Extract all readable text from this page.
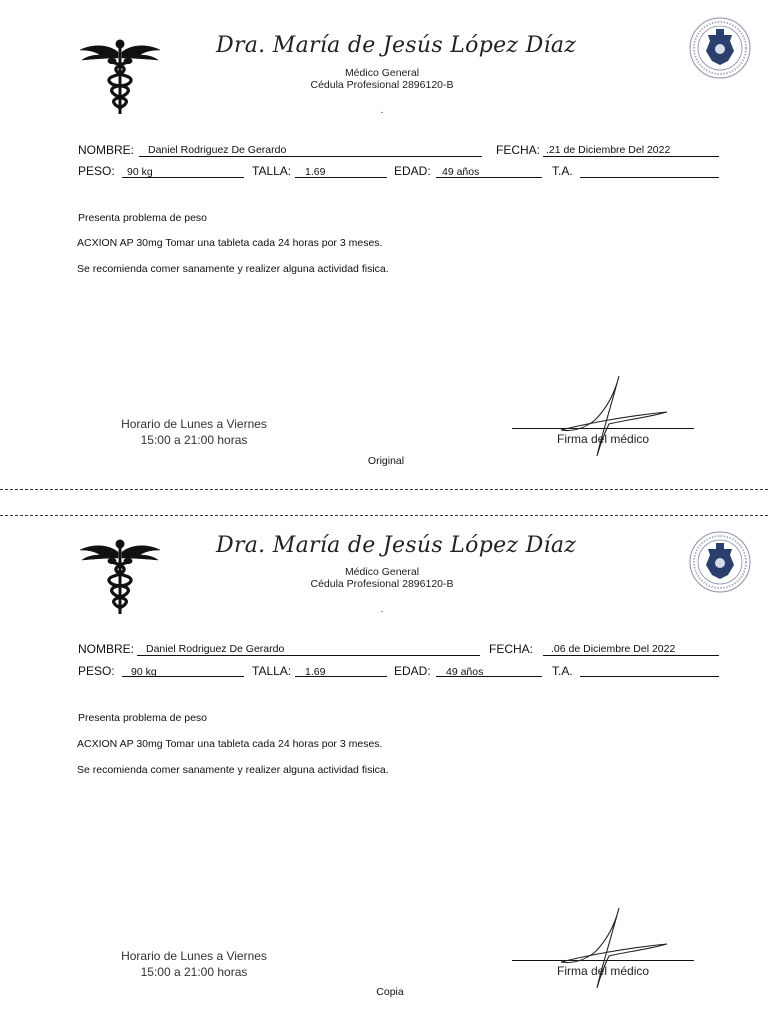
Dra. María de Jesús López Díaz
Médico General
Cédula Profesional 2896120-B
.
NOMBRE: Daniel Rodriguez De Gerardo	FECHA: .21 de Diciembre Del 2022
PESO: 90 kg	TALLA: 1.69	EDAD: 49 años	T.A.
Presenta problema de peso
ACXION AP 30mg Tomar una tableta cada 24 horas por 3 meses.
Se recomienda comer sanamente y realizer alguna actividad fisica.
Horario de Lunes a Viernes
15:00 a 21:00 horas	Firma del médico
Original
Dra. María de Jesús López Díaz
Médico General
Cédula Profesional 2896120-B
.
NOMBRE: Daniel Rodriguez De Gerardo	FECHA: .06 de Diciembre Del 2022
PESO: 90 kg	TALLA: 1.69	EDAD: 49 años	T.A.
Presenta problema de peso
ACXION AP 30mg Tomar una tableta cada 24 horas por 3 meses.
Se recomienda comer sanamente y realizer alguna actividad fisica.
Horario de Lunes a Viernes
15:00 a 21:00 horas	Firma del médico
Copia
